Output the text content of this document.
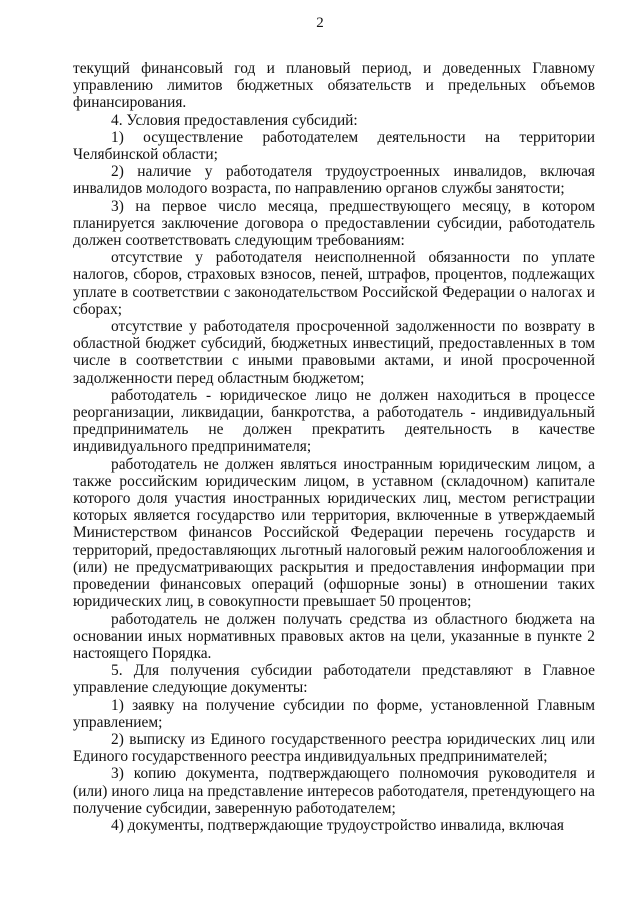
2

текущий финансовый год и плановый период, и доведенных Главному управлению лимитов бюджетных обязательств и предельных объемов финансирования.

4. Условия предоставления субсидий:

1) осуществление работодателем деятельности на территории Челябинской области;

2) наличие у работодателя трудоустроенных инвалидов, включая инвалидов молодого возраста, по направлению органов службы занятости;

3) на первое число месяца, предшествующего месяцу, в котором планируется заключение договора о предоставлении субсидии, работодатель должен соответствовать следующим требованиям:

отсутствие у работодателя неисполненной обязанности по уплате налогов, сборов, страховых взносов, пеней, штрафов, процентов, подлежащих уплате в соответствии с законодательством Российской Федерации о налогах и сборах;

отсутствие у работодателя просроченной задолженности по возврату в областной бюджет субсидий, бюджетных инвестиций, предоставленных в том числе в соответствии с иными правовыми актами, и иной просроченной задолженности перед областным бюджетом;

работодатель - юридическое лицо не должен находиться в процессе реорганизации, ликвидации, банкротства, а работодатель - индивидуальный предприниматель не должен прекратить деятельность в качестве индивидуального предпринимателя;

работодатель не должен являться иностранным юридическим лицом, а также российским юридическим лицом, в уставном (складочном) капитале которого доля участия иностранных юридических лиц, местом регистрации которых является государство или территория, включенные в утверждаемый Министерством финансов Российской Федерации перечень государств и территорий, предоставляющих льготный налоговый режим налогообложения и (или) не предусматривающих раскрытия и предоставления информации при проведении финансовых операций (офшорные зоны) в отношении таких юридических лиц, в совокупности превышает 50 процентов;

работодатель не должен получать средства из областного бюджета на основании иных нормативных правовых актов на цели, указанные в пункте 2 настоящего Порядка.

5. Для получения субсидии работодатели представляют в Главное управление следующие документы:

1) заявку на получение субсидии по форме, установленной Главным управлением;

2) выписку из Единого государственного реестра юридических лиц или Единого государственного реестра индивидуальных предпринимателей;

3) копию документа, подтверждающего полномочия руководителя и (или) иного лица на представление интересов работодателя, претендующего на получение субсидии, заверенную работодателем;

4) документы, подтверждающие трудоустройство инвалида, включая
